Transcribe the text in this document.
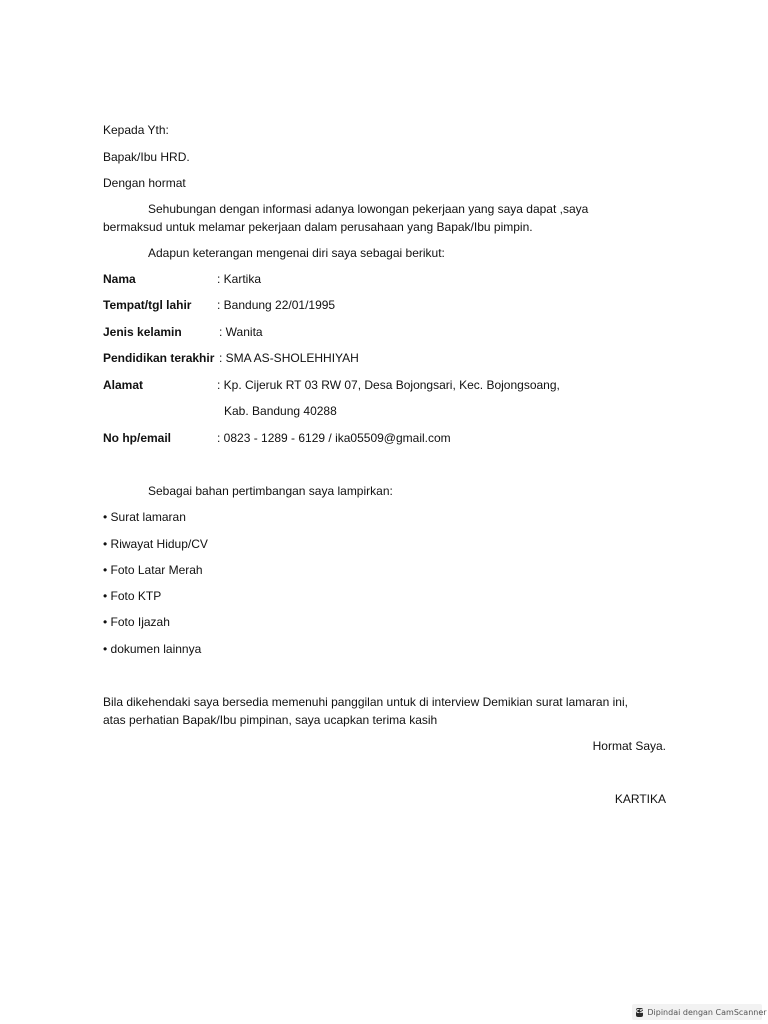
Kepada Yth:
Bapak/Ibu HRD.
Dengan hormat
Sehubungan dengan informasi adanya lowongan pekerjaan yang saya dapat ,saya
bermaksud untuk melamar pekerjaan dalam perusahaan yang Bapak/Ibu pimpin.
Adapun keterangan mengenai diri saya sebagai berikut:
Nama	: Kartika
Tempat/tgl lahir : Bandung 22/01/1995
Jenis kelamin	: Wanita
Pendidikan terakhir : SMA AS-SHOLEHHIYAH
Alamat	: Kp. Cijeruk RT 03 RW 07, Desa Bojongsari, Kec. Bojongsoang,
Kab. Bandung 40288
No hp/email	: 0823 - 1289 - 6129 / ika05509@gmail.com
Sebagai bahan pertimbangan saya lampirkan:
• Surat lamaran
• Riwayat Hidup/CV
• Foto Latar Merah
• Foto KTP
• Foto Ijazah
• dokumen lainnya
Bila dikehendaki saya bersedia memenuhi panggilan untuk di interview Demikian surat lamaran ini,
atas perhatian Bapak/Ibu pimpinan, saya ucapkan terima kasih
Hormat Saya.
KARTIKA
CS Dipindai dengan CamScanner
